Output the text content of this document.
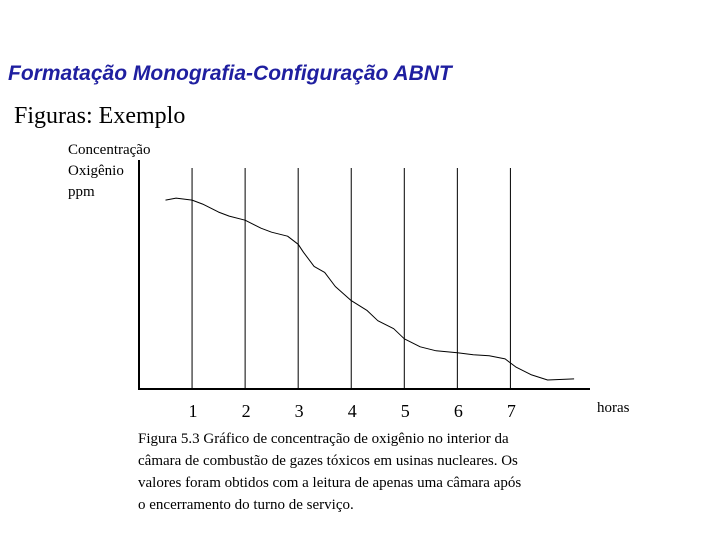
Formatação Monografia-Configuração ABNT
Figuras: Exemplo
Concentração
Oxigênio
ppm
1 2 3 4 5 6 7	horas
Figura 5.3 Gráfico de concentração de oxigênio no interior da
câmara de combustão de gazes tóxicos em usinas nucleares. Os
valores foram obtidos com a leitura de apenas uma câmara após
o encerramento do turno de serviço.
